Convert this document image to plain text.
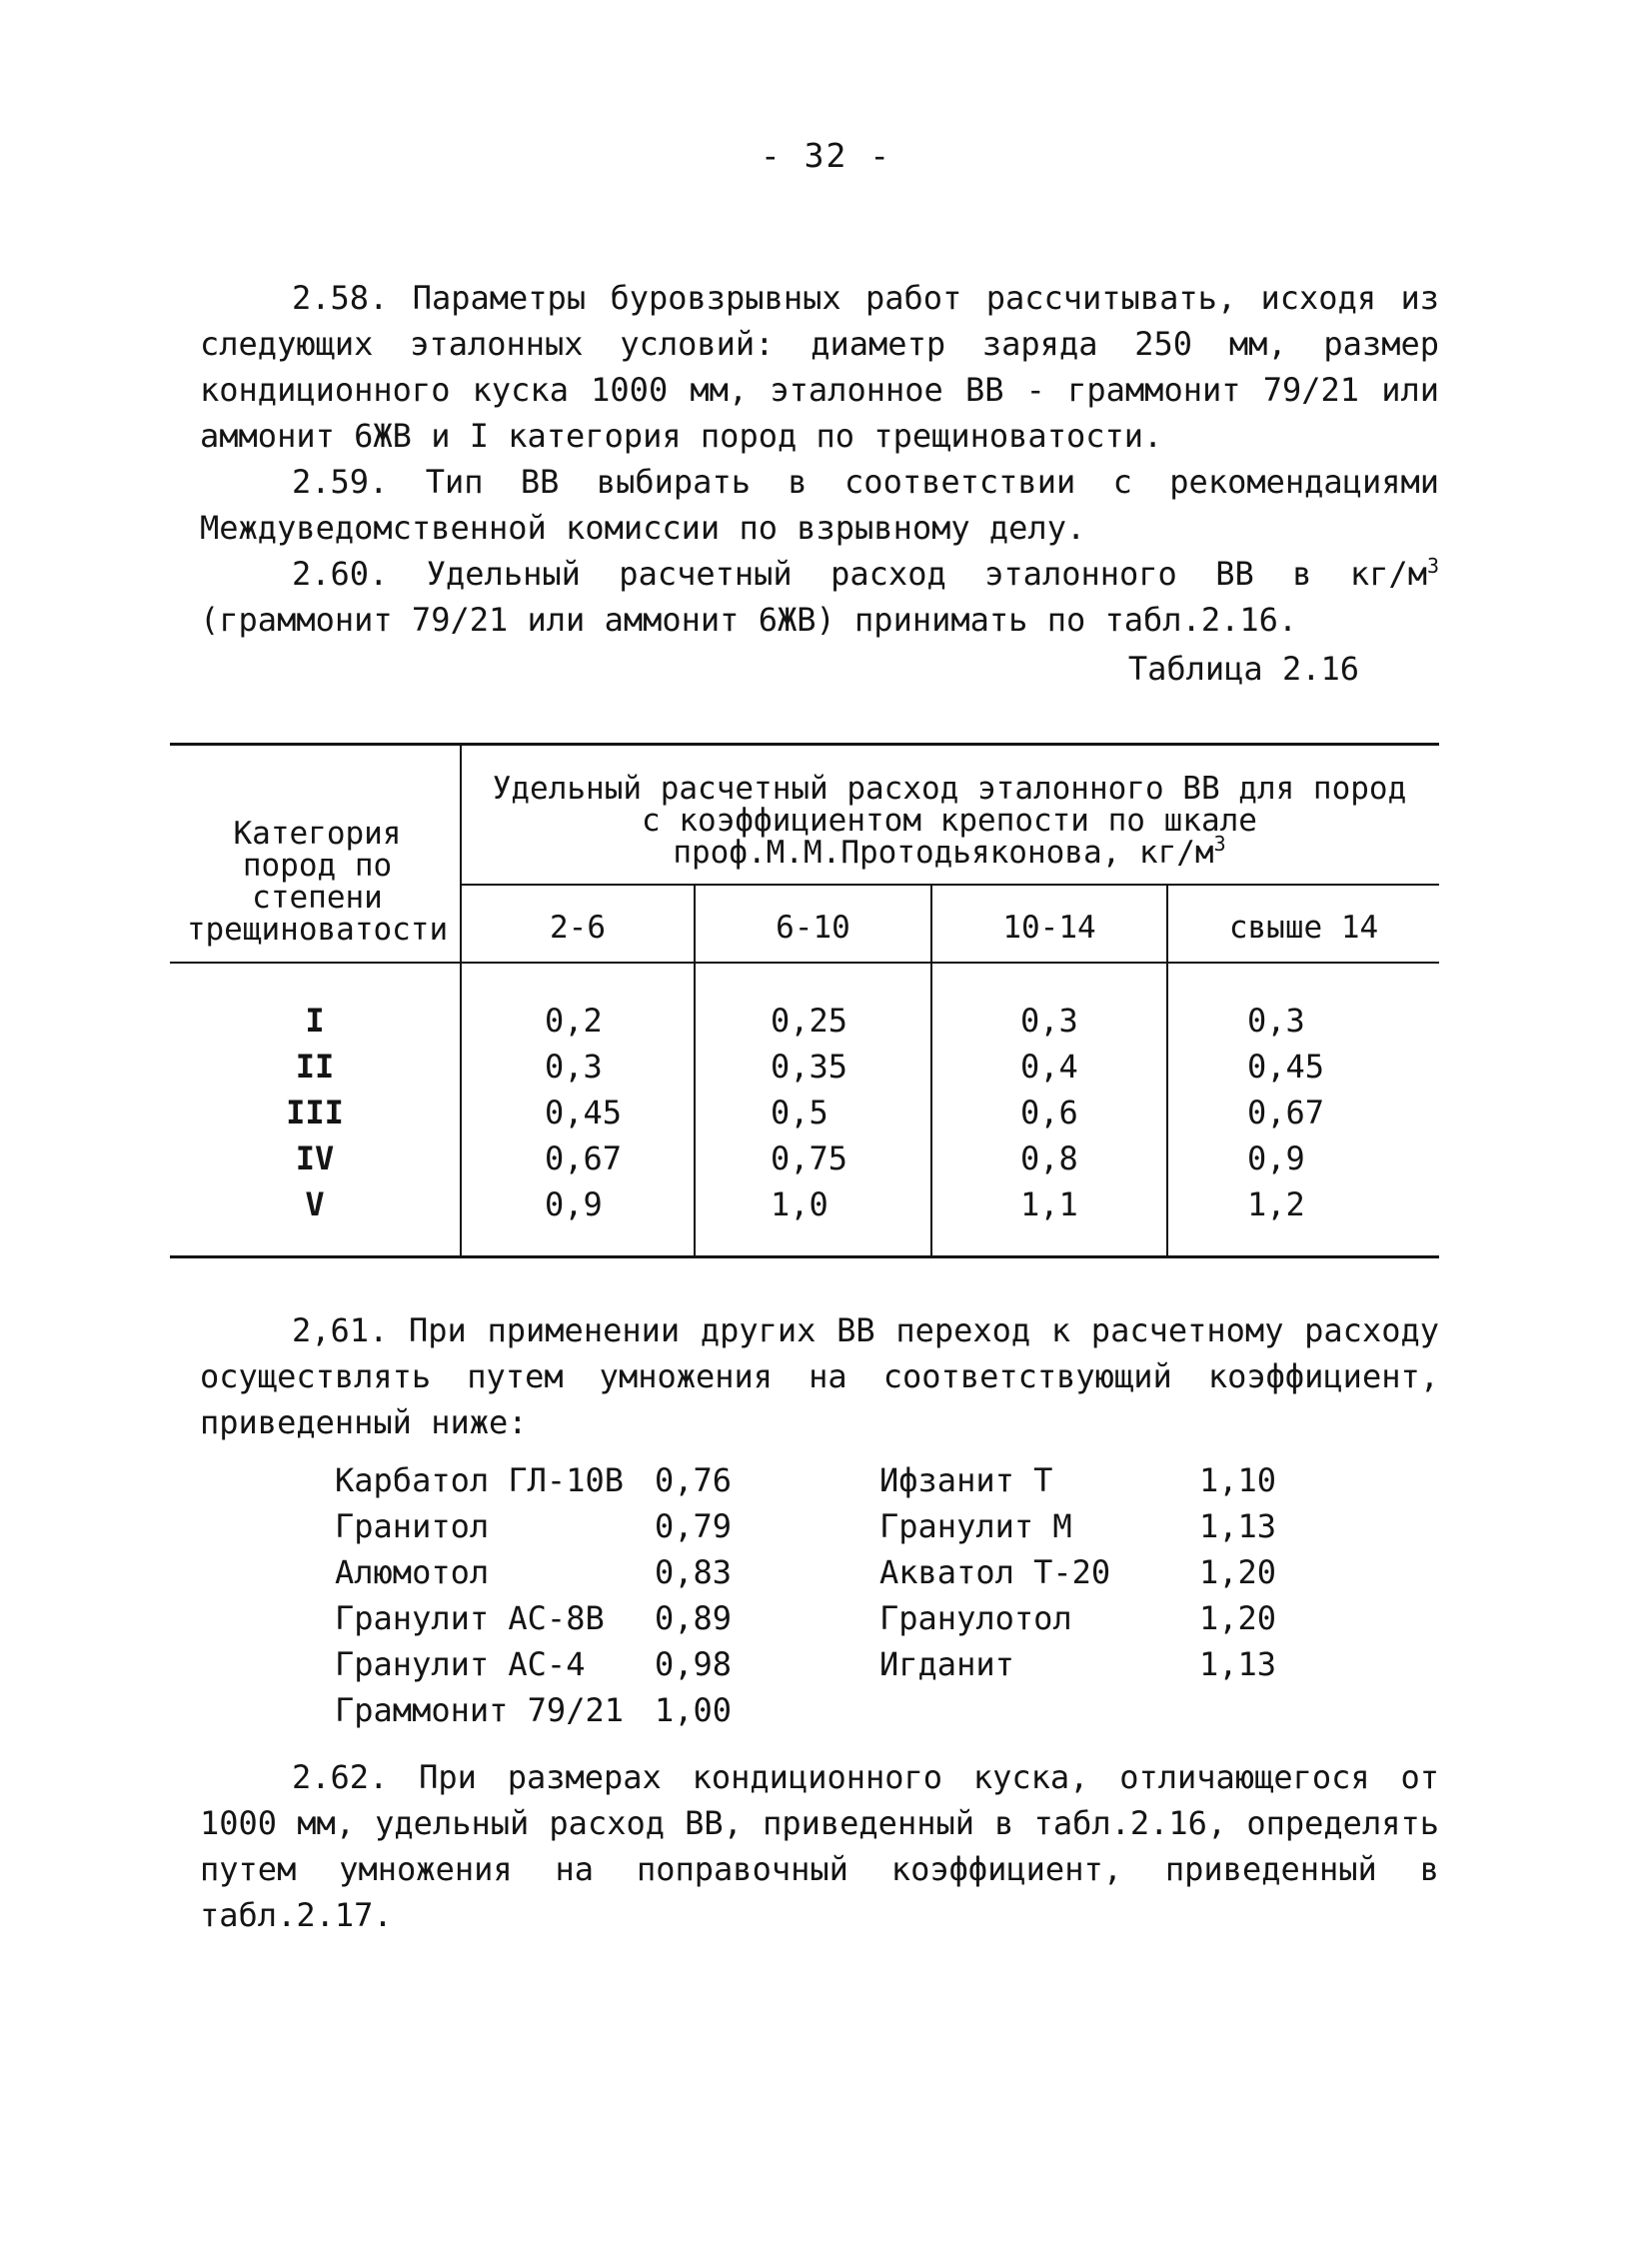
- 32 -
2.58. Параметры буровзрывных работ рассчитывать, исходя из следующих эталонных условий: диаметр заряда 250 мм, размер кондиционного куска 1000 мм, эталонное ВВ - граммонит 79/21 или аммонит 6ЖВ и I категория пород по трещиноватости.
2.59. Тип ВВ выбирать в соответствии с рекомендациями Междуведомственной комиссии по взрывному делу.
2.60. Удельный расчетный расход эталонного ВВ в $кг/м^3$ (граммонит 79/21 или аммонит 6ЖВ) принимать по табл.2.16.
Таблица 2.16
Категория пород по степени трещиноватости
Удельный расчетный расход эталонного ВВ для пород с коэффициентом крепости по шкале проф.М.М.Протодьяконова, $кг/м^3$
2-6	6-10	10-14	свыше 14
I	0,2	0,25	0,3	0,3
II	0,3	0,35	0,4	0,45
III	0,45	0,5	0,6	0,67
IV	0,67	0,75	0,8	0,9
V	0,9	1,0	1,1	1,2
2,61. При применении других ВВ переход к расчетному расходу осуществлять путем умножения на соответствующий коэффициент, приведенный ниже:
Карбатол ГЛ-10В 0,76
Гранитол	0,79
Алюмотол	0,83
Гранулит АС-8В 0,89
Гранулит АС-4 0,98
Граммонит 79/21 1,00
Ифзанит Т	1,10
Гранулит М	1,13
Акватол Т-20	1,20
Гранулотол	1,20
Игданит	1,13
2.62. При размерах кондиционного куска, отличающегося от 1000 мм, удельный расход ВВ, приведенный в табл.2.16, определять путем умножения на поправочный коэффициент, приведенный в табл.2.17.
